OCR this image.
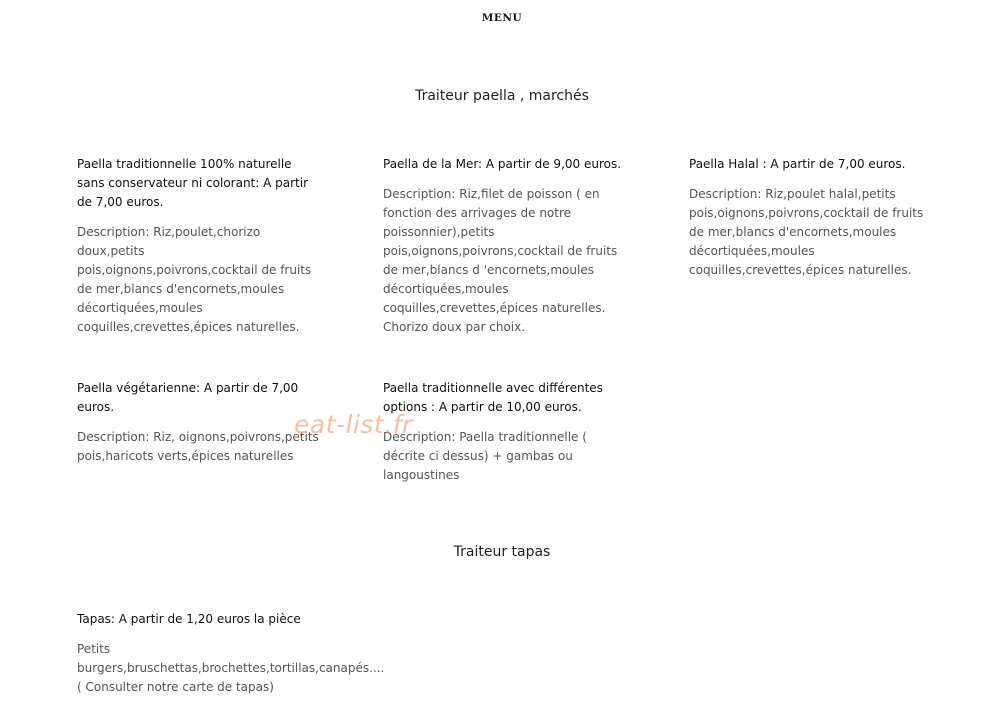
MENU
Traiteur paella , marchés

Paella traditionnelle 100% naturelle sans conservateur ni colorant: A partir de 7,00 euros.

Description: Riz,poulet,chorizo doux,petits pois,oignons,poivrons,cocktail de fruits de mer,blancs d'encornets,moules décortiquées,moules coquilles,crevettes,épices naturelles.

Paella de la Mer: A partir de 9,00 euros.

Description: Riz,filet de poisson ( en fonction des arrivages de notre poissonnier),petits pois,oignons,poivrons,cocktail de fruits de mer,blancs d 'encornets,moules décortiquées,moules coquilles,crevettes,épices naturelles. Chorizo doux par choix.

Paella Halal : A partir de 7,00 euros.

Description: Riz,poulet halal,petits pois,oignons,poivrons,cocktail de fruits de mer,blancs d'encornets,moules décortiquées,moules coquilles,crevettes,épices naturelles.

Paella végétarienne: A partir de 7,00 euros.

Description: Riz, oignons,poivrons,petits pois,haricots verts,épices naturelles

Paella traditionnelle avec différentes options : A partir de 10,00 euros.

Description: Paella traditionnelle ( décrite ci dessus) + gambas ou langoustines

Traiteur tapas

Tapas: A partir de 1,20 euros la pièce

Petits burgers,bruschettas,brochettes,tortillas,canapés.... ( Consulter notre carte de tapas)

eat-list.fr
